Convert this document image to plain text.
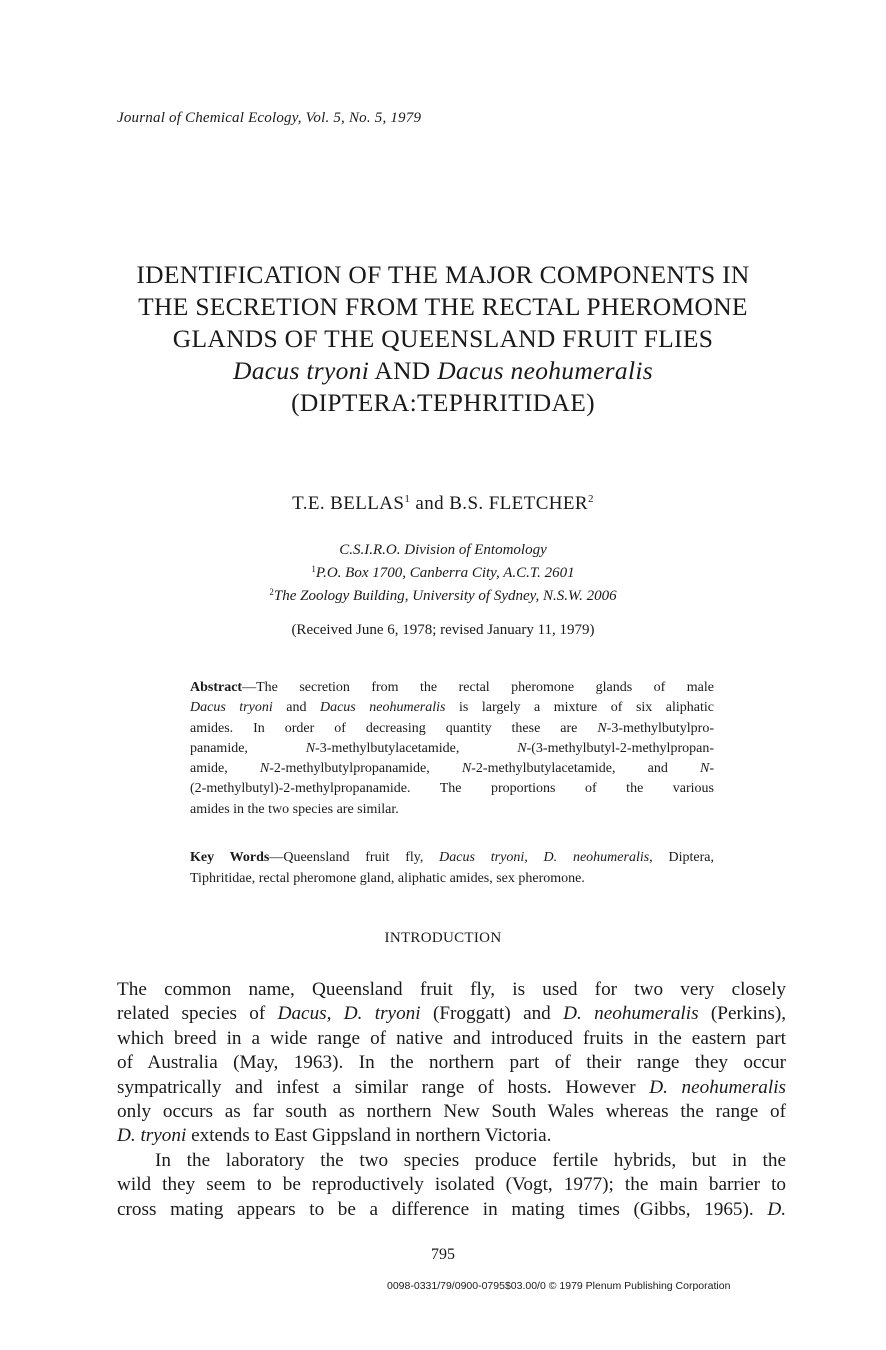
Journal of Chemical Ecology, Vol. 5, No. 5, 1979
IDENTIFICATION OF THE MAJOR COMPONENTS IN
THE SECRETION FROM THE RECTAL PHEROMONE
GLANDS OF THE QUEENSLAND FRUIT FLIES
Dacus tryoni AND Dacus neohumeralis
(DIPTERA:TEPHRITIDAE)
T.E. BELLAS$^1$ and B.S. FLETCHER$^2$
C.S.I.R.O. Division of Entomology
$^1$P.O. Box 1700, Canberra City, A.C.T. 2601
$^2$The Zoology Building, University of Sydney, N.S.W. 2006
(Received June 6, 1978; revised January 11, 1979)
Abstract—The secretion from the rectal pheromone glands of male
Dacus tryoni and Dacus neohumeralis is largely a mixture of six aliphatic
amides. In order of decreasing quantity these are N-3-methylbutylpro-
panamide,	N-3-methylbutylacetamide,	N-(3-methylbutyl-2-methylpropan-
amide, N-2-methylbutylpropanamide, N-2-methylbutylacetamide, and N-
(2-methylbutyl)-2-methylpropanamide. The proportions of the various
amides in the two species are similar.
Key Words—Queensland fruit fly, Dacus tryoni, D. neohumeralis, Diptera,
Tiphritidae, rectal pheromone gland, aliphatic amides, sex pheromone.
INTRODUCTION
The common name, Queensland fruit fly, is used for two very closely
related species of Dacus, D. tryoni (Froggatt) and D. neohumeralis (Perkins),
which breed in a wide range of native and introduced fruits in the eastern part
of Australia (May, 1963). In the northern part of their range they occur
sympatrically and infest a similar range of hosts. However D. neohumeralis
only occurs as far south as northern New South Wales whereas the range of
D. tryoni extends to East Gippsland in northern Victoria.
In the laboratory the two species produce fertile hybrids, but in the
wild they seem to be reproductively isolated (Vogt, 1977); the main barrier to
cross mating appears to be a difference in mating times (Gibbs, 1965). D.
795
0098-0331/79/0900-0795$03.00/0 © 1979 Plenum Publishing Corporation
